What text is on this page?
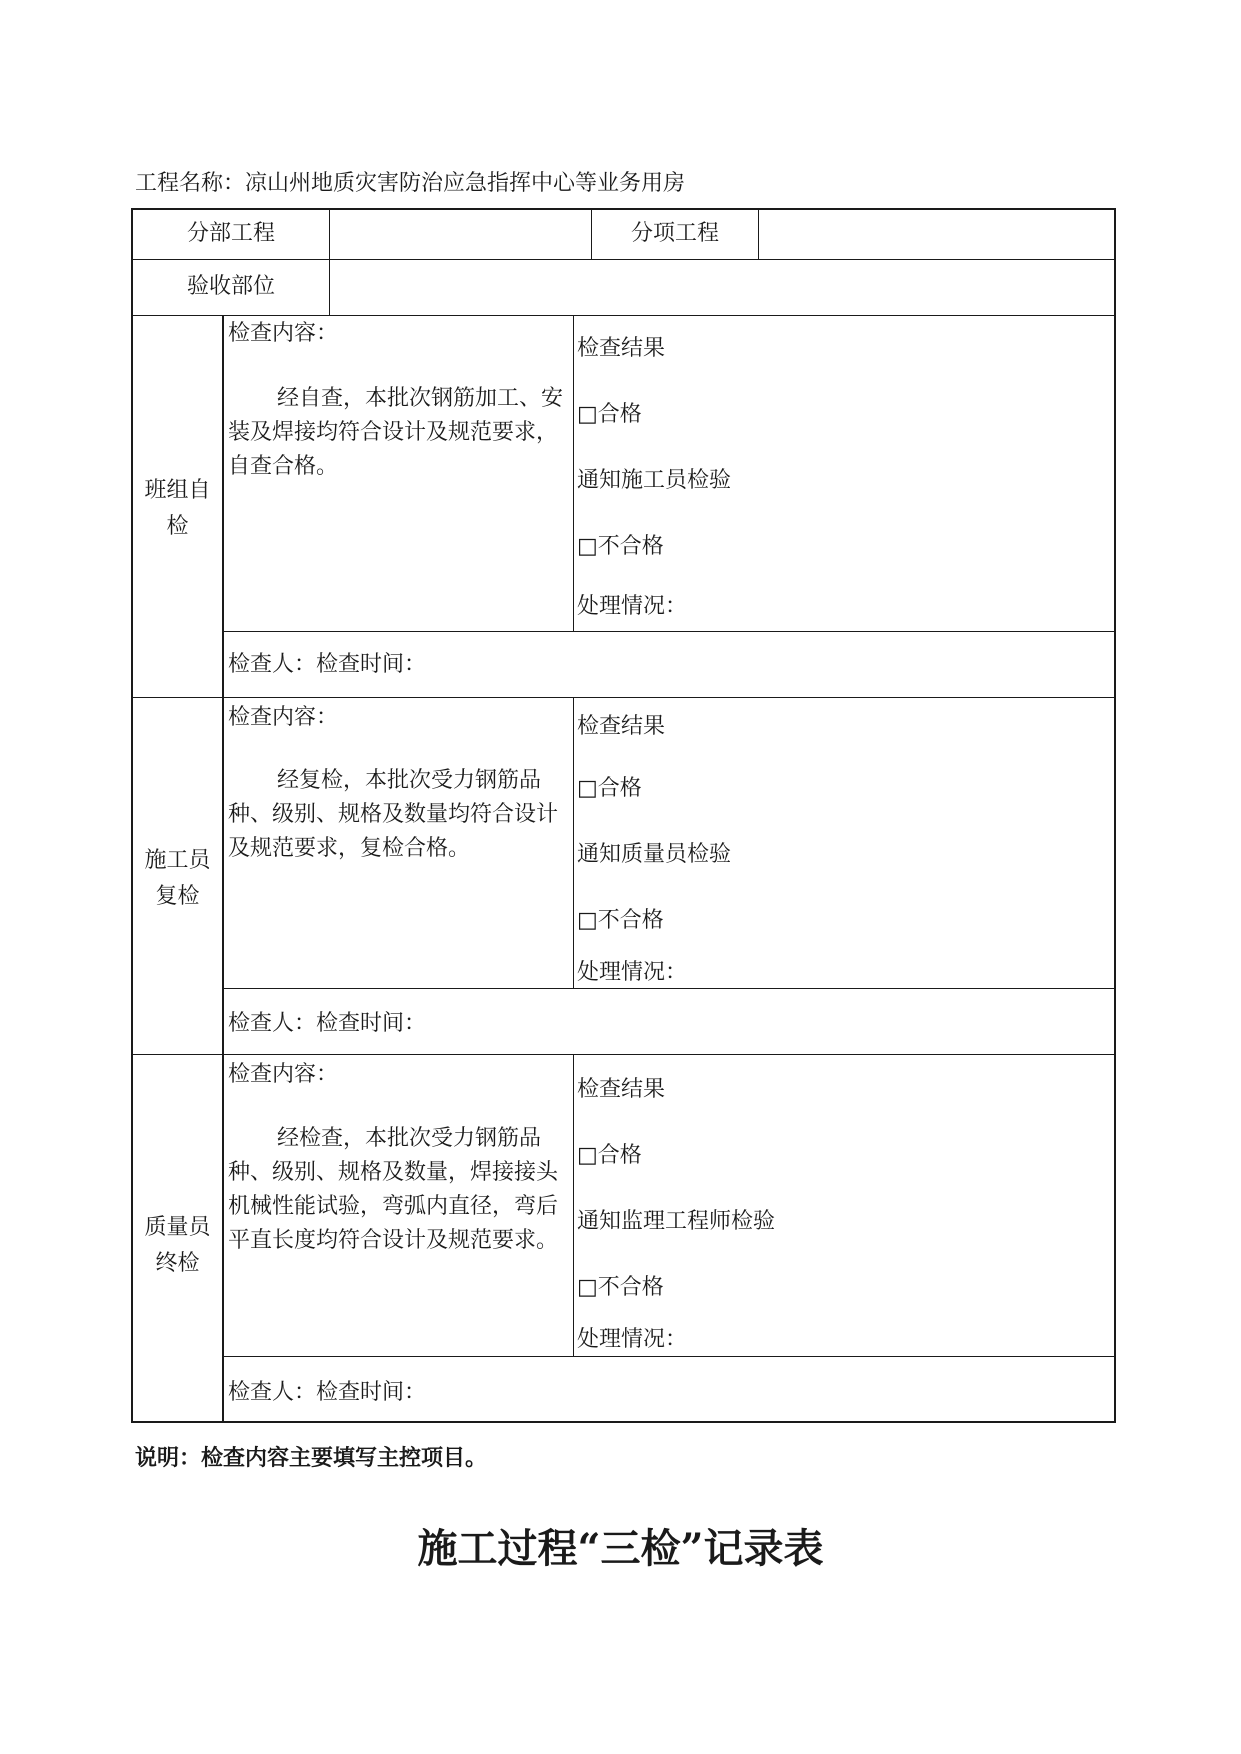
工程名称：凉山州地质灾害防治应急指挥中心等业务用房
分部工程	分项工程
验收部位
班组自
检
检查内容：
经自查，本批次钢筋加工、安装及焊接均符合设计及规范要求，自查合格。
检查结果
□合格
通知施工员检验
□不合格
处理情况：
检查人：检查时间：
施工员
复检
检查内容：
经复检，本批次受力钢筋品种、级别、规格及数量均符合设计及规范要求，复检合格。
检查结果
□合格
通知质量员检验
□不合格
处理情况：
检查人：检查时间：
质量员
终检
检查内容：
经检查，本批次受力钢筋品种、级别、规格及数量，焊接接头机械性能试验，弯弧内直径，弯后平直长度均符合设计及规范要求。
检查结果
□合格
通知监理工程师检验
□不合格
处理情况：
检查人：检查时间：
说明：检查内容主要填写主控项目。
施工过程“三检”记录表
